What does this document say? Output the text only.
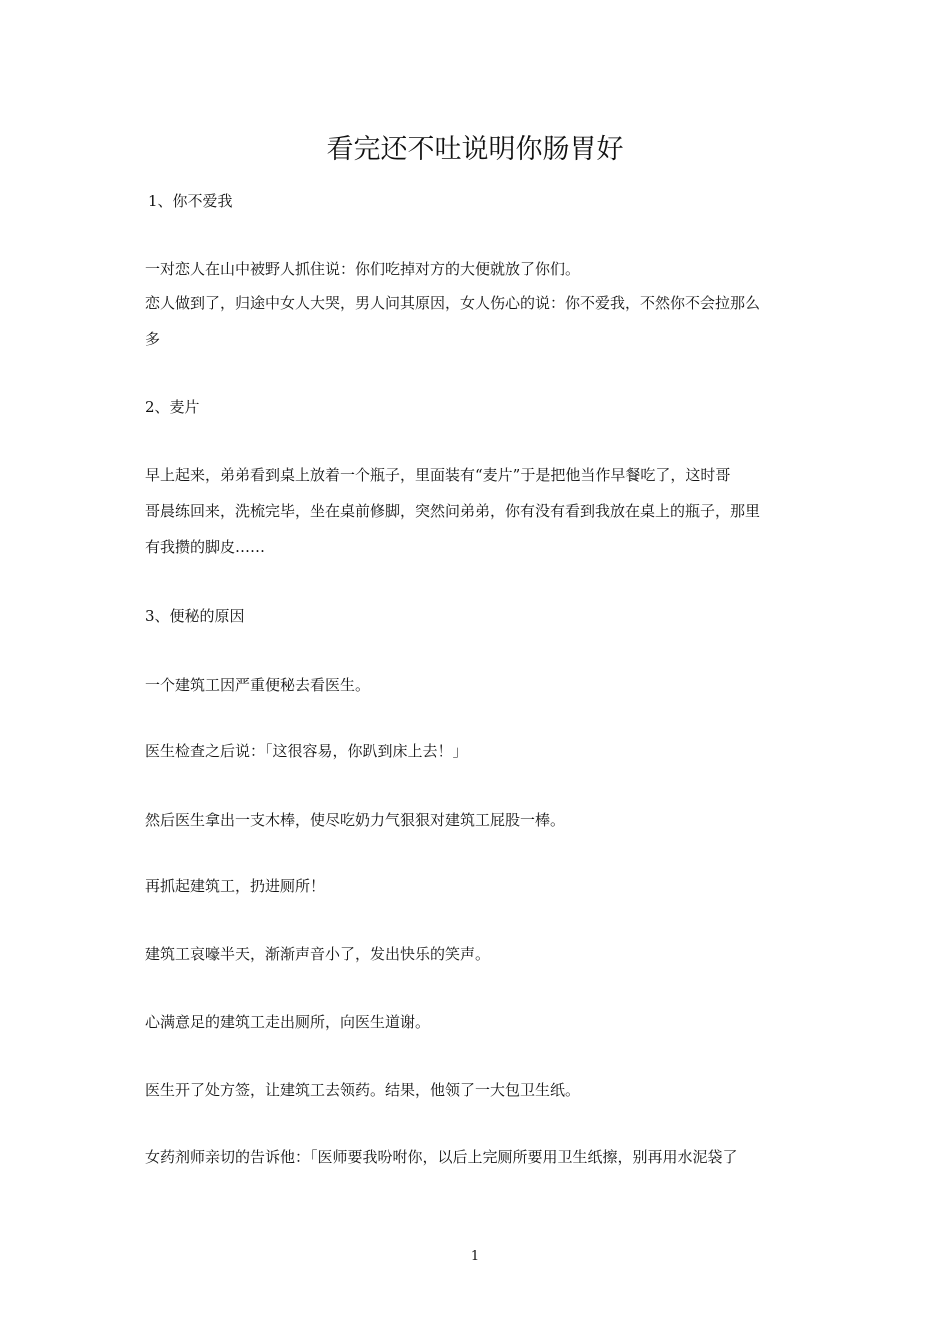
看完还不吐说明你肠胃好
1、你不爱我
一对恋人在山中被野人抓住说：你们吃掉对方的大便就放了你们。
恋人做到了，归途中女人大哭，男人问其原因，女人伤心的说：你不爱我，不然你不会拉那么
多
2、麦片
早上起来，弟弟看到桌上放着一个瓶子，里面装有“麦片”于是把他当作早餐吃了，这时哥
哥晨练回来，洗梳完毕，坐在桌前修脚，突然问弟弟，你有没有看到我放在桌上的瓶子，那里
有我攒的脚皮……
3、便秘的原因
一个建筑工因严重便秘去看医生。
医生检查之后说：「这很容易，你趴到床上去！」
然后医生拿出一支木棒，使尽吃奶力气狠狠对建筑工屁股一棒。
再抓起建筑工，扔进厕所！
建筑工哀嚎半天，渐渐声音小了，发出快乐的笑声。
心满意足的建筑工走出厕所，向医生道谢。
医生开了处方签，让建筑工去领药。结果，他领了一大包卫生纸。
女药剂师亲切的告诉他：「医师要我吩咐你，以后上完厕所要用卫生纸擦，别再用水泥袋了
1
